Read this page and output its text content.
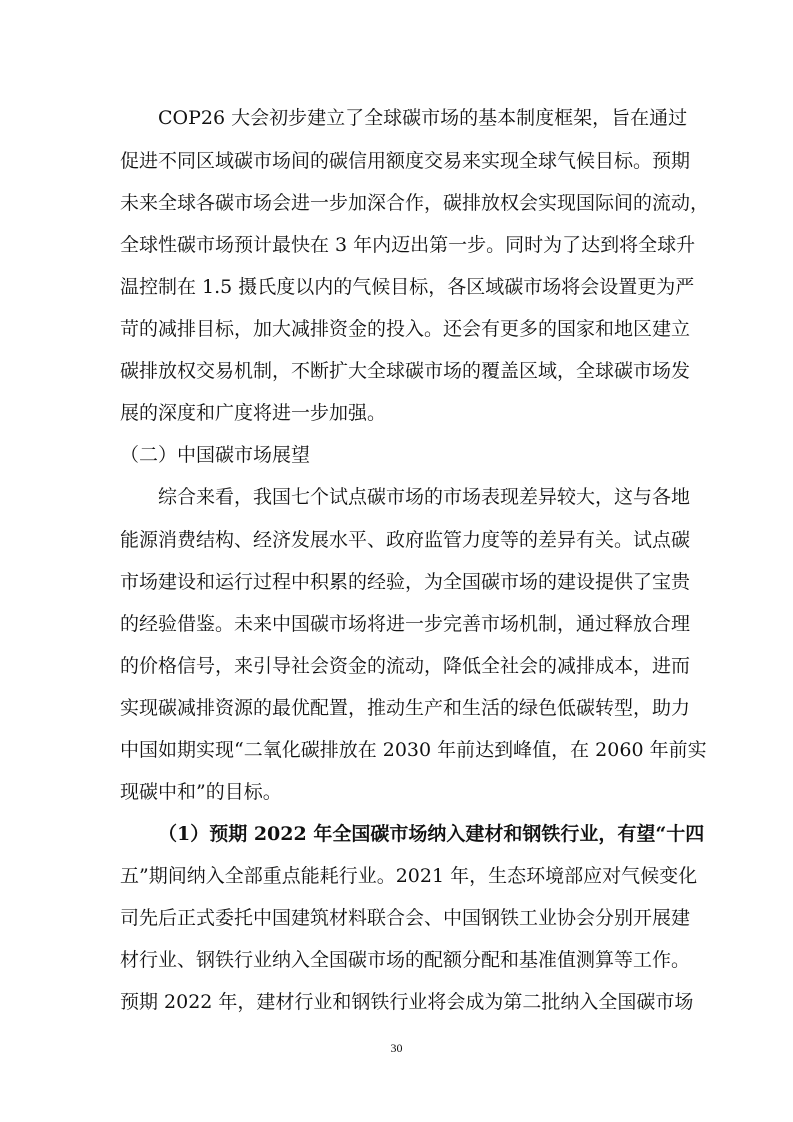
COP26 大会初步建立了全球碳市场的基本制度框架，旨在通过
促进不同区域碳市场间的碳信用额度交易来实现全球气候目标。预期
未来全球各碳市场会进一步加深合作，碳排放权会实现国际间的流动，
全球性碳市场预计最快在 3 年内迈出第一步。同时为了达到将全球升
温控制在 1.5 摄氏度以内的气候目标，各区域碳市场将会设置更为严
苛的减排目标，加大减排资金的投入。还会有更多的国家和地区建立
碳排放权交易机制，不断扩大全球碳市场的覆盖区域，全球碳市场发
展的深度和广度将进一步加强。
（二）中国碳市场展望
综合来看，我国七个试点碳市场的市场表现差异较大，这与各地
能源消费结构、经济发展水平、政府监管力度等的差异有关。试点碳
市场建设和运行过程中积累的经验，为全国碳市场的建设提供了宝贵
的经验借鉴。未来中国碳市场将进一步完善市场机制，通过释放合理
的价格信号，来引导社会资金的流动，降低全社会的减排成本，进而
实现碳减排资源的最优配置，推动生产和生活的绿色低碳转型，助力
中国如期实现“二氧化碳排放在 2030 年前达到峰值，在 2060 年前实
现碳中和”的目标。
（1）预期 2022 年全国碳市场纳入建材和钢铁行业，有望“十四
五”期间纳入全部重点能耗行业。2021 年，生态环境部应对气候变化
司先后正式委托中国建筑材料联合会、中国钢铁工业协会分别开展建
材行业、钢铁行业纳入全国碳市场的配额分配和基准值测算等工作。
预期 2022 年，建材行业和钢铁行业将会成为第二批纳入全国碳市场
30
